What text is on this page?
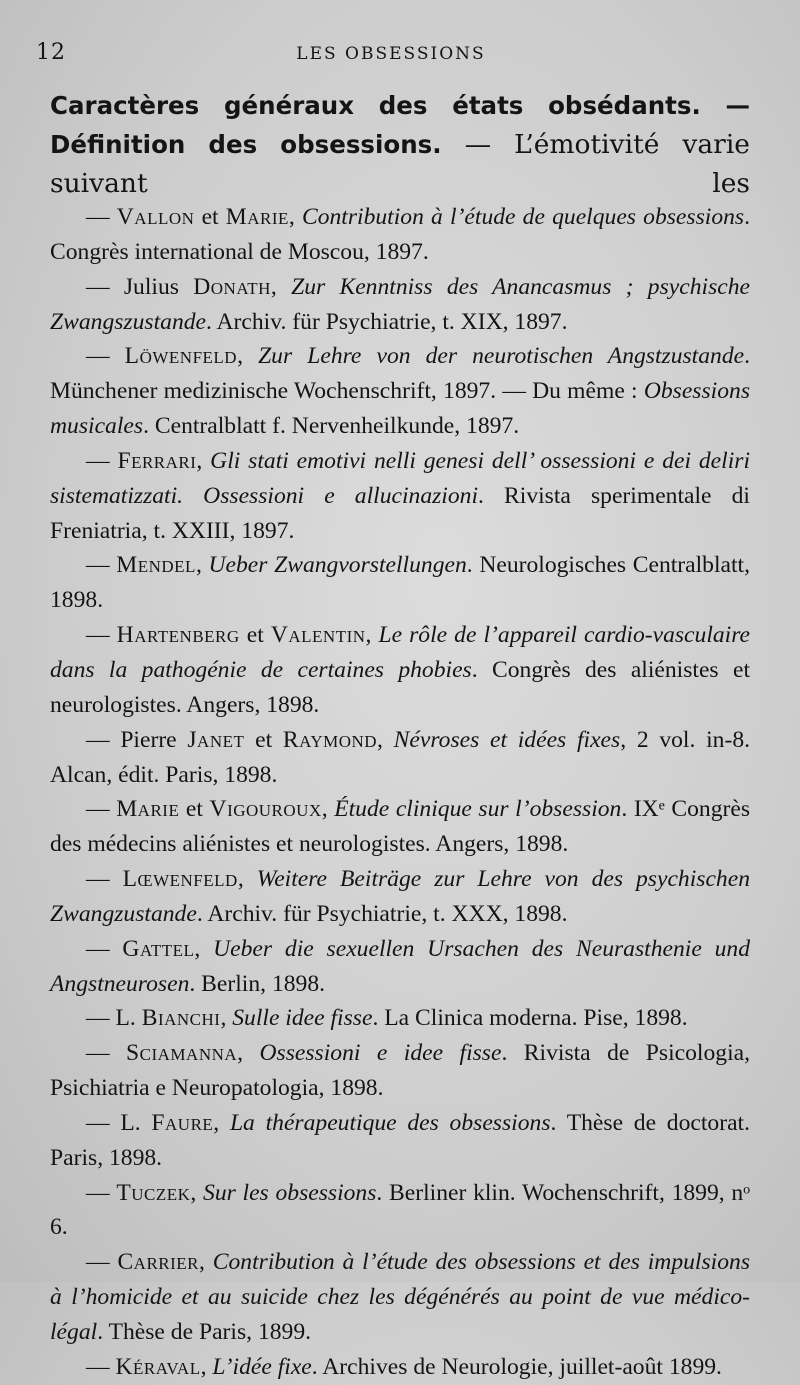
12	LES OBSESSIONS
Caractères généraux des états obsédants. — Définition des obsessions. — L’émotivité varie suivant les

— Vallon et Marie, Contribution à l’étude de quelques obsessions. Congrès international de Moscou, 1897.

— Julius Donath, Zur Kenntniss des Anancasmus ; psychische Zwangszustande. Archiv. für Psychiatrie, t. XIX, 1897.

— Löwenfeld, Zur Lehre von der neurotischen Angstzustande. Münchener medizinische Wochenschrift, 1897. — Du même : Obsessions musicales. Centralblatt f. Nervenheilkunde, 1897.

— Ferrari, Gli stati emotivi nelli genesi dell’ ossessioni e dei deliri sistematizzati. Ossessioni e allucinazioni. Rivista sperimentale di Freniatria, t. XXIII, 1897.

— Mendel, Ueber Zwangvorstellungen. Neurologisches Centralblatt, 1898.

— Hartenberg et Valentin, Le rôle de l’appareil cardio-vasculaire dans la pathogénie de certaines phobies. Congrès des aliénistes et neurologistes. Angers, 1898.

— Pierre Janet et Raymond, Névroses et idées fixes, 2 vol. in-8. Alcan, édit. Paris, 1898.

— Marie et Vigouroux, Étude clinique sur l’obsession. IXᵉ Congrès des médecins aliénistes et neurologistes. Angers, 1898.

— Lœwenfeld, Weitere Beiträge zur Lehre von des psychischen Zwangzustande. Archiv. für Psychiatrie, t. XXX, 1898.

— Gattel, Ueber die sexuellen Ursachen des Neurasthenie und Angstneurosen. Berlin, 1898.

— L. Bianchi, Sulle idee fisse. La Clinica moderna. Pise, 1898.

— Sciamanna, Ossessioni e idee fisse. Rivista de Psicologia, Psichiatria e Neuropatologia, 1898.

— L. Faure, La thérapeutique des obsessions. Thèse de doctorat. Paris, 1898.

— Tuczek, Sur les obsessions. Berliner klin. Wochenschrift, 1899, nᵒ 6.

— Carrier, Contribution à l’étude des obsessions et des impulsions à l’homicide et au suicide chez les dégénérés au point de vue médico-légal. Thèse de Paris, 1899.

— Kéraval, L’idée fixe. Archives de Neurologie, juillet-août 1899.
